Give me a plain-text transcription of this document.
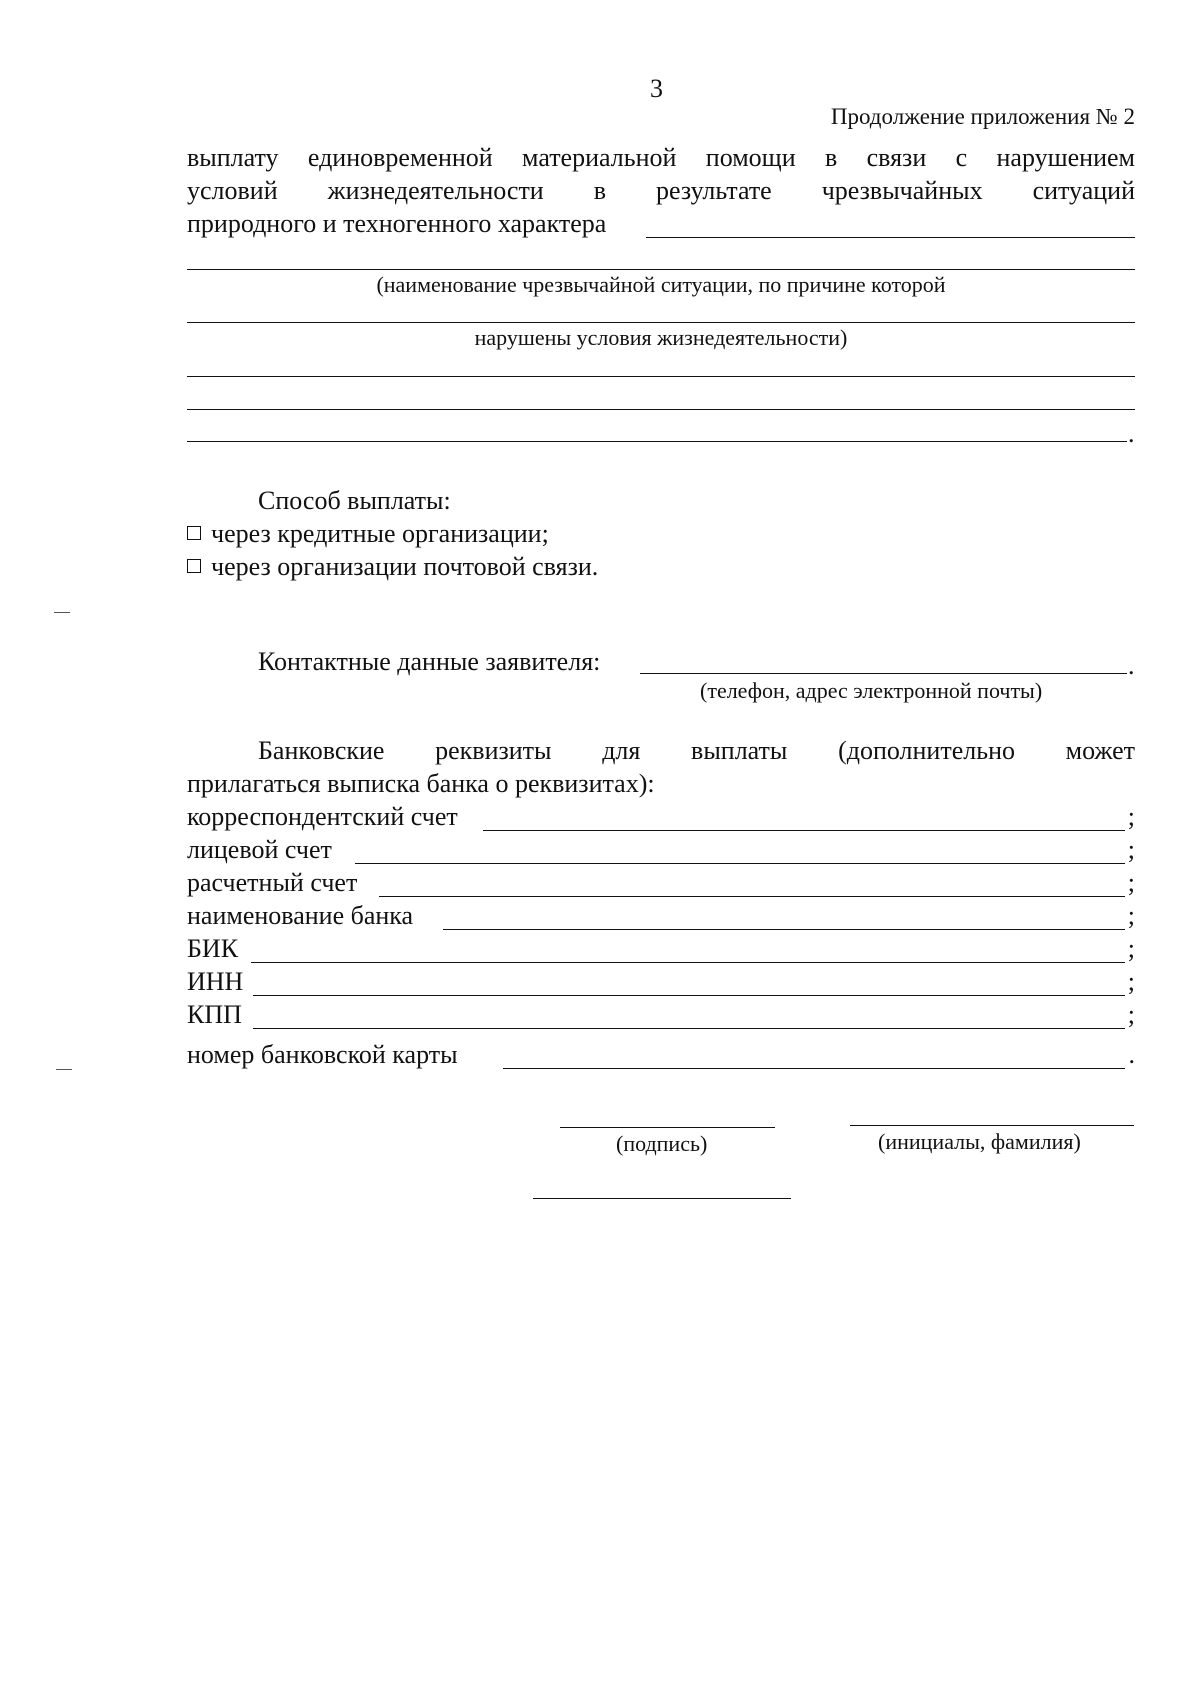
3
Продолжение приложения № 2
выплату единовременной материальной помощи в связи с нарушением
условий жизнедеятельности в результате чрезвычайных ситуаций
природного и техногенного характера
(наименование чрезвычайной ситуации, по причине которой
нарушены условия жизнедеятельности)
.
Способ выплаты:
через кредитные организации;
через организации почтовой связи.
Контактные данные заявителя:	.
(телефон, адрес электронной почты)
Банковские реквизиты для выплаты (дополнительно может
прилагаться выписка банка о реквизитах):
корреспондентский счет	;
лицевой счет	;
расчетный счет	;
наименование банка	;
БИК	;
ИНН	;
КПП	;
номер банковской карты	.
(подпись)	(инициалы, фамилия)
